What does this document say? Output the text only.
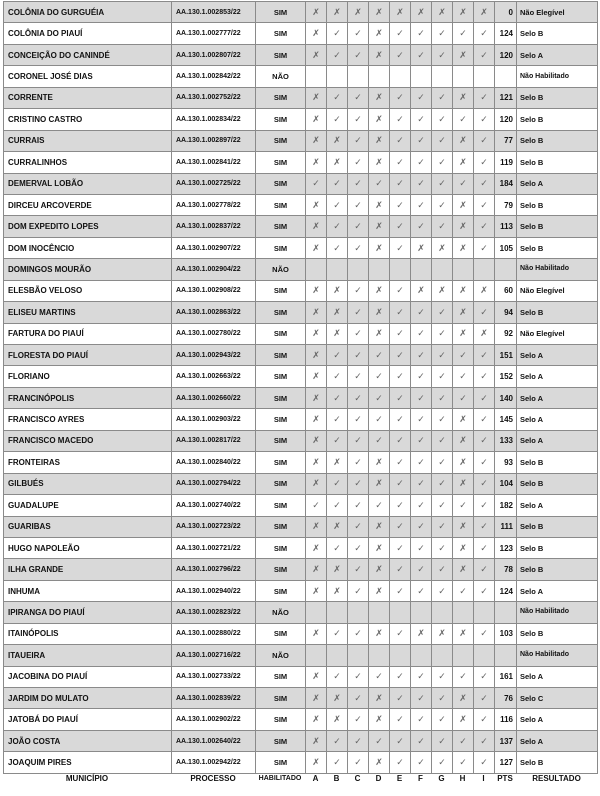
COLÔNIA DO GURGUÉIA	AA.130.1.002853/22	SIM	✗	✗	✗	✗	✗	✗	✗	✗	✗	0	Não Elegível
COLÔNIA DO PIAUÍ	AA.130.1.002777/22	SIM	✗	✓	✓	✗	✓	✓	✓	✓	✓	124	Selo B
CONCEIÇÃO DO CANINDÉ	AA.130.1.002807/22	SIM	✗	✓	✓	✗	✓	✓	✓	✗	✓	120	Selo A
CORONEL JOSÉ DIAS	AA.130.1.002842/22	NÃO											Não Habilitado
CORRENTE	AA.130.1.002752/22	SIM	✗	✓	✓	✗	✓	✓	✓	✗	✓	121	Selo B
CRISTINO CASTRO	AA.130.1.002834/22	SIM	✗	✓	✓	✗	✓	✓	✓	✓	✓	120	Selo B
CURRAIS	AA.130.1.002897/22	SIM	✗	✗	✓	✗	✓	✓	✓	✗	✓	77	Selo B
CURRALINHOS	AA.130.1.002841/22	SIM	✗	✗	✓	✗	✓	✓	✓	✗	✓	119	Selo B
DEMERVAL LOBÃO	AA.130.1.002725/22	SIM	✓	✓	✓	✓	✓	✓	✓	✓	✓	184	Selo A
DIRCEU ARCOVERDE	AA.130.1.002778/22	SIM	✗	✓	✓	✗	✓	✓	✓	✗	✓	79	Selo B
DOM EXPEDITO LOPES	AA.130.1.002837/22	SIM	✗	✓	✓	✗	✓	✓	✓	✗	✓	113	Selo B
DOM INOCÊNCIO	AA.130.1.002907/22	SIM	✗	✓	✓	✗	✓	✗	✗	✗	✓	105	Selo B
DOMINGOS MOURÃO	AA.130.1.002904/22	NÃO											Não Habilitado
ELESBÃO VELOSO	AA.130.1.002908/22	SIM	✗	✗	✓	✗	✓	✗	✗	✗	✗	60	Não Elegível
ELISEU MARTINS	AA.130.1.002863/22	SIM	✗	✗	✓	✗	✓	✓	✓	✗	✓	94	Selo B
FARTURA DO PIAUÍ	AA.130.1.002780/22	SIM	✗	✗	✓	✗	✓	✓	✓	✗	✗	92	Não Elegível
FLORESTA DO PIAUÍ	AA.130.1.002943/22	SIM	✗	✓	✓	✓	✓	✓	✓	✓	✓	151	Selo A
FLORIANO	AA.130.1.002663/22	SIM	✗	✓	✓	✓	✓	✓	✓	✓	✓	152	Selo A
FRANCINÓPOLIS	AA.130.1.002660/22	SIM	✗	✓	✓	✓	✓	✓	✓	✓	✓	140	Selo A
FRANCISCO AYRES	AA.130.1.002903/22	SIM	✗	✓	✓	✓	✓	✓	✓	✗	✓	145	Selo A
FRANCISCO MACEDO	AA.130.1.002817/22	SIM	✗	✓	✓	✓	✓	✓	✓	✗	✓	133	Selo A
FRONTEIRAS	AA.130.1.002840/22	SIM	✗	✗	✓	✗	✓	✓	✓	✗	✓	93	Selo B
GILBUÉS	AA.130.1.002794/22	SIM	✗	✓	✓	✗	✓	✓	✓	✗	✓	104	Selo B
GUADALUPE	AA.130.1.002740/22	SIM	✓	✓	✓	✓	✓	✓	✓	✓	✓	182	Selo A
GUARIBAS	AA.130.1.002723/22	SIM	✗	✗	✓	✗	✓	✓	✓	✗	✓	111	Selo B
HUGO NAPOLEÃO	AA.130.1.002721/22	SIM	✗	✓	✓	✗	✓	✓	✓	✗	✓	123	Selo B
ILHA GRANDE	AA.130.1.002796/22	SIM	✗	✗	✓	✗	✓	✓	✓	✗	✓	78	Selo B
INHUMA	AA.130.1.002940/22	SIM	✗	✗	✓	✗	✓	✓	✓	✓	✓	124	Selo A
IPIRANGA DO PIAUÍ	AA.130.1.002823/22	NÃO											Não Habilitado
ITAINÓPOLIS	AA.130.1.002880/22	SIM	✗	✓	✓	✗	✓	✗	✗	✗	✓	103	Selo B
ITAUEIRA	AA.130.1.002716/22	NÃO											Não Habilitado
JACOBINA DO PIAUÍ	AA.130.1.002733/22	SIM	✗	✓	✓	✓	✓	✓	✓	✓	✓	161	Selo A
JARDIM DO MULATO	AA.130.1.002839/22	SIM	✗	✗	✓	✗	✓	✓	✓	✗	✓	76	Selo C
JATOBÁ DO PIAUÍ	AA.130.1.002902/22	SIM	✗	✗	✓	✗	✓	✓	✓	✗	✓	116	Selo A
JOÃO COSTA	AA.130.1.002640/22	SIM	✗	✓	✓	✓	✓	✓	✓	✓	✓	137	Selo A
JOAQUIM PIRES	AA.130.1.002942/22	SIM	✗	✓	✓	✗	✓	✓	✓	✓	✓	127	Selo B
MUNICÍPIO	PROCESSO	HABILITADO	A	B	C	D	E	F	G	H	I	PTS	RESULTADO
